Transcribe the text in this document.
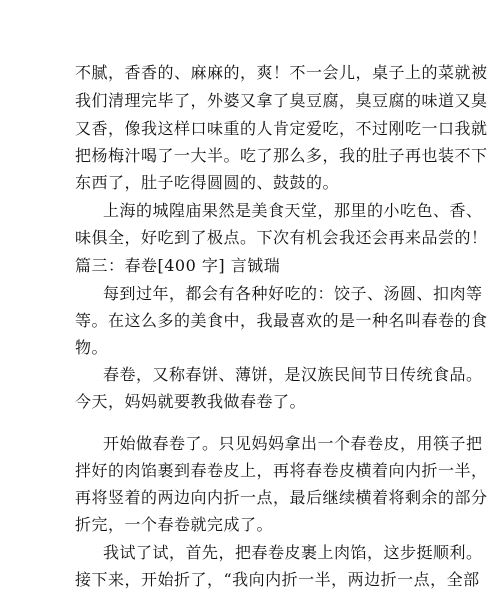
不腻，香香的、麻麻的，爽！不一会儿，桌子上的菜就被
我们清理完毕了，外婆又拿了臭豆腐，臭豆腐的味道又臭
又香，像我这样口味重的人肯定爱吃，不过刚吃一口我就
把杨梅汁喝了一大半。吃了那么多，我的肚子再也装不下
东西了，肚子吃得圆圆的、鼓鼓的。
上海的城隍庙果然是美食天堂，那里的小吃色、香、
味俱全，好吃到了极点。下次有机会我还会再来品尝的！
篇三：春卷[400 字] 言铖瑞
每到过年，都会有各种好吃的：饺子、汤圆、扣肉等
等。在这么多的美食中，我最喜欢的是一种名叫春卷的食
物。
春卷，又称春饼、薄饼，是汉族民间节日传统食品。
今天，妈妈就要教我做春卷了。
开始做春卷了。只见妈妈拿出一个春卷皮，用筷子把
拌好的肉馅裹到春卷皮上，再将春卷皮横着向内折一半，
再将竖着的两边向内折一点，最后继续横着将剩余的部分
折完，一个春卷就完成了。
我试了试，首先，把春卷皮裹上肉馅，这步挺顺利。
接下来，开始折了，“我向内折一半，两边折一点，全部
